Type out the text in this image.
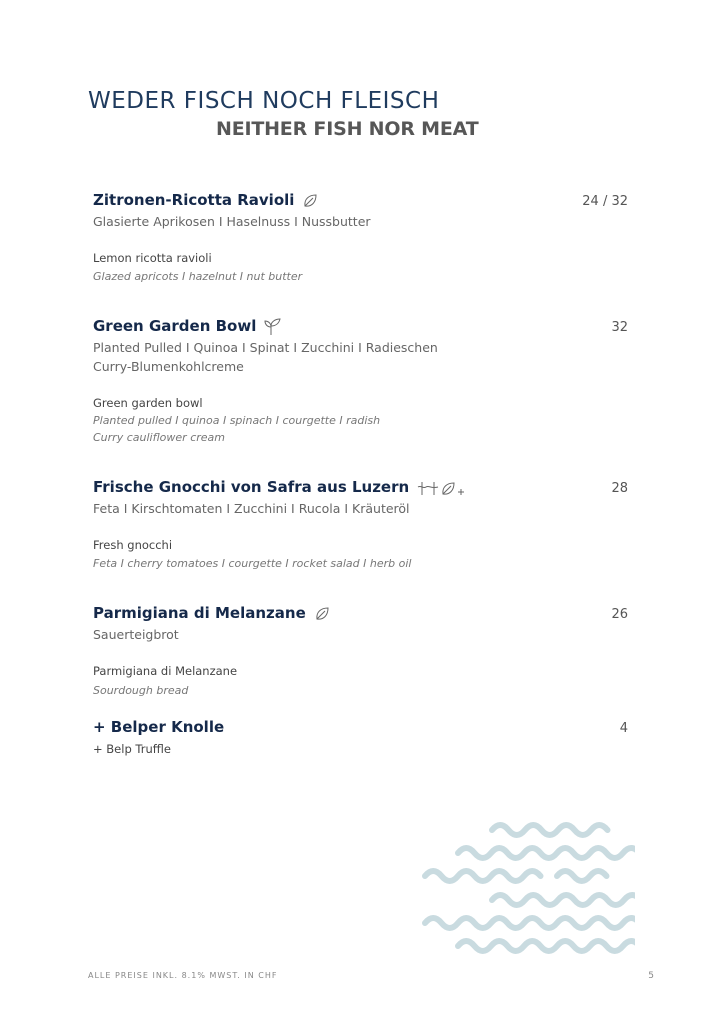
WEDER FISCH NOCH FLEISCH
NEITHER FISH NOR MEAT
Zitronen-Ricotta Ravioli	24 / 32
Glasierte Aprikosen I Haselnuss I Nussbutter
Lemon ricotta ravioli
Glazed apricots I hazelnut I nut butter
Green Garden Bowl	32
Planted Pulled I Quinoa I Spinat I Zucchini I Radieschen
Curry-Blumenkohlcreme
Green garden bowl
Planted pulled I quinoa I spinach I courgette I radish
Curry cauliflower cream
Frische Gnocchi von Safra aus Luzern	28
Feta I Kirschtomaten I Zucchini I Rucola I Kräuteröl
Fresh gnocchi
Feta I cherry tomatoes I courgette I rocket salad I herb oil
Parmigiana di Melanzane	26
Sauerteigbrot
Parmigiana di Melanzane
Sourdough bread
+ Belper Knolle	4
+ Belp Truffle
ALLE PREISE INKL. 8.1% MWST. IN CHF	5
